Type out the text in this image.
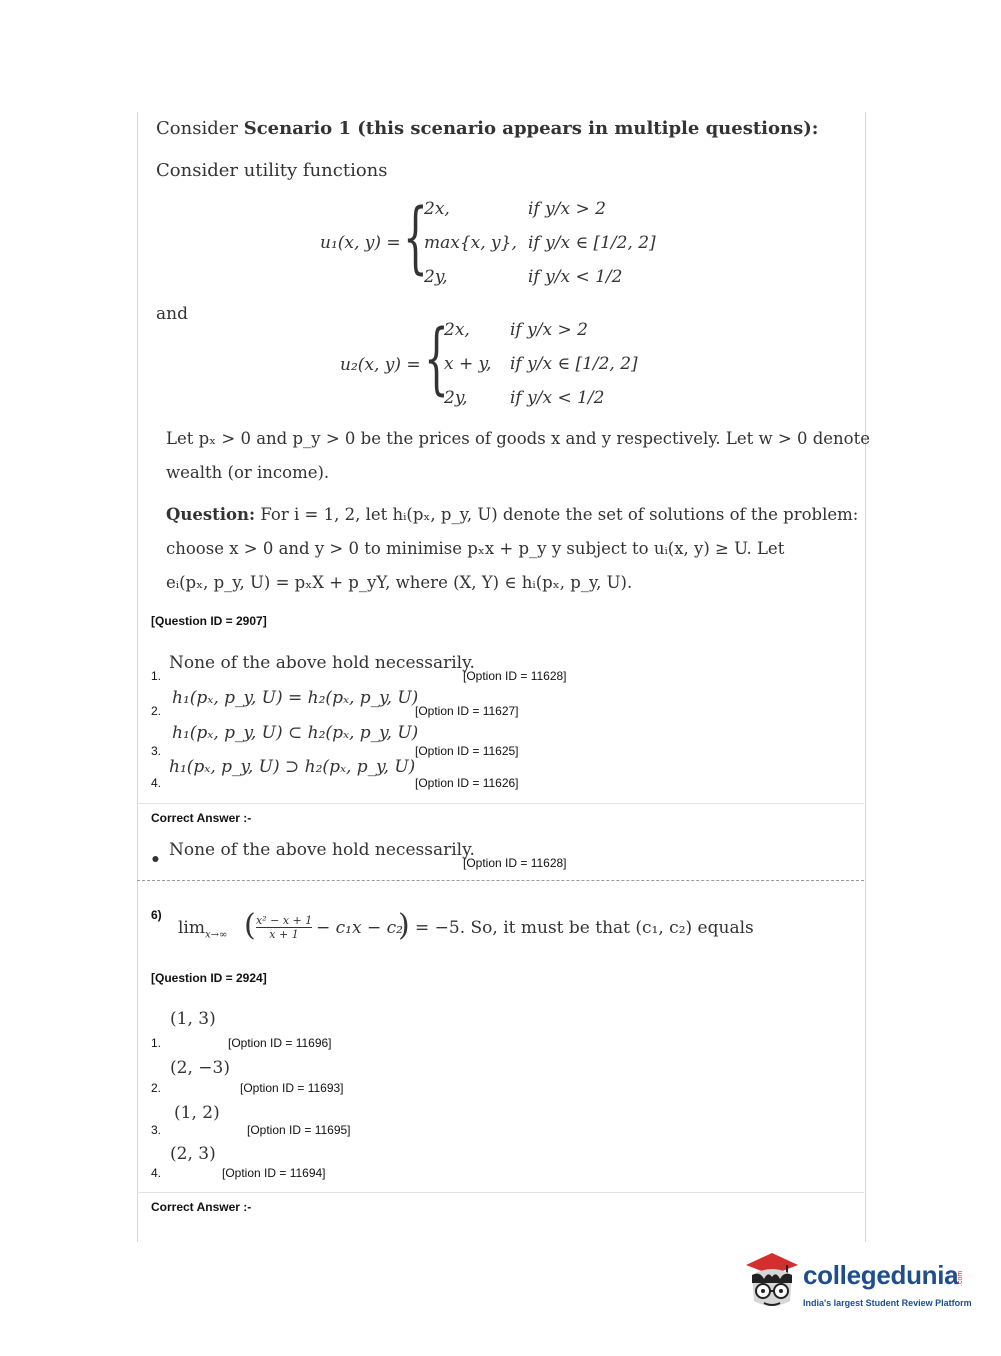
Consider Scenario 1 (this scenario appears in multiple questions):
Consider utility functions
u₁(x, y) = {
2x,	if y/x > 2
max{x, y}, if y/x ∈ [1/2, 2]
2y,	if y/x < 1/2
and
u₂(x, y) = {
2x, if y/x > 2
x + y, if y/x ∈ [1/2, 2]
2y, if y/x < 1/2
Let pₓ > 0 and p_y > 0 be the prices of goods x and y respectively. Let w > 0 denote
wealth (or income).
Question: For i = 1, 2, let hᵢ(pₓ, p_y, U) denote the set of solutions of the problem:
choose x > 0 and y > 0 to minimise pₓx + p_y y subject to uᵢ(x, y) ≥ U. Let
eᵢ(pₓ, p_y, U) = pₓX + p_yY, where (X, Y) ∈ hᵢ(pₓ, p_y, U).
[Question ID = 2907]
1.
None of the above hold necessarily.
[Option ID = 11628]
2.
h₁(pₓ, p_y, U) = h₂(pₓ, p_y, U)
[Option ID = 11627]
3.
h₁(pₓ, p_y, U) ⊂ h₂(pₓ, p_y, U)
[Option ID = 11625]
4.
h₁(pₓ, p_y, U) ⊃ h₂(pₓ, p_y, U)
[Option ID = 11626]
Correct Answer :-
• None of the above hold necessarily.
[Option ID = 11628]
6)
$\lim_{x\to\infty}$ ( $\frac{\text{x² − x + 1}}{x + 1} - c_1x - c_2$
) = −5. So, it must be that (c₁, c₂) equals
[Question ID = 2924]
(1, 3)
1.	[Option ID = 11696]
(2, −3)
2.	[Option ID = 11693]
(1, 2)
3.	[Option ID = 11695]
(2, 3)
4.	[Option ID = 11694]
Correct Answer :-
collegedunia
.com
India's largest Student Review Platform
